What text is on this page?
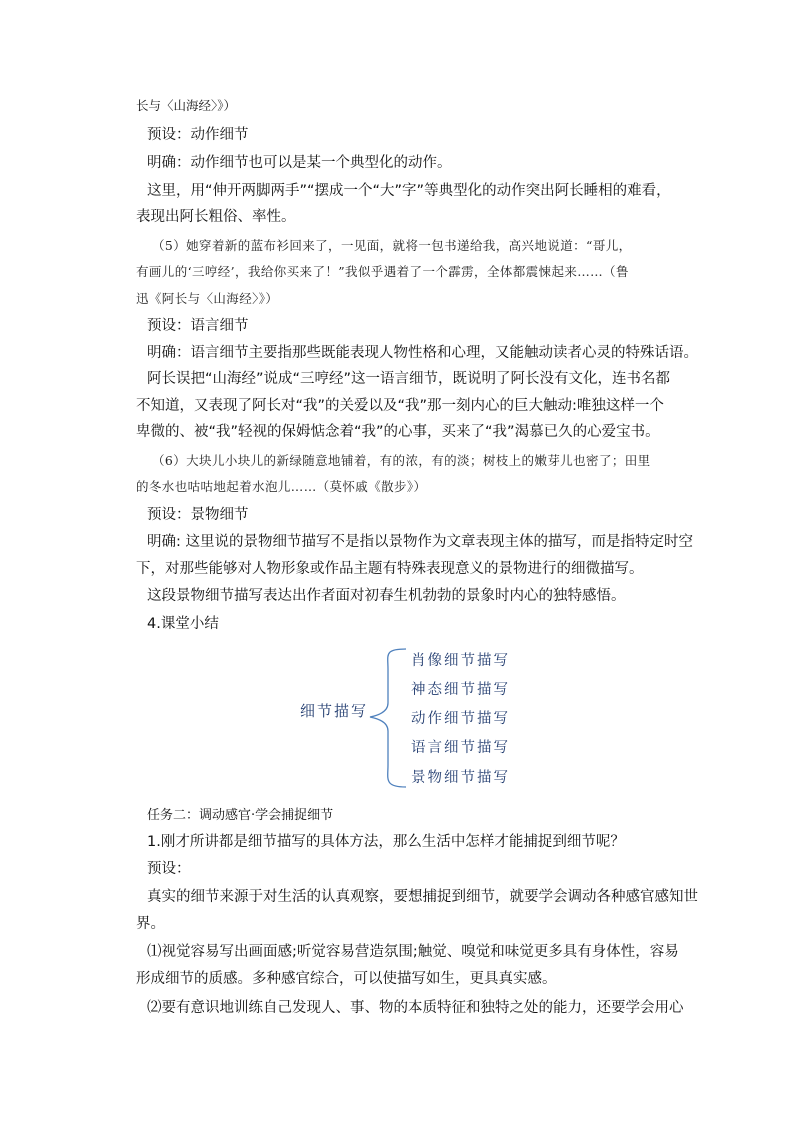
长与〈山海经〉》）
预设：动作细节
明确：动作细节也可以是某一个典型化的动作。
这里，用“伸开两脚两手”“摆成一个“大”字”等典型化的动作突出阿长睡相的难看，
表现出阿长粗俗、率性。
（5）她穿着新的蓝布衫回来了，一见面，就将一包书递给我，高兴地说道：“哥儿，
有画儿的‘三哼经’，我给你买来了！”我似乎遇着了一个霹雳，全体都震悚起来……（鲁
迅《阿长与〈山海经〉》）
预设：语言细节
明确：语言细节主要指那些既能表现人物性格和心理，又能触动读者心灵的特殊话语。
阿长误把“山海经”说成“三哼经”这一语言细节，既说明了阿长没有文化，连书名都
不知道，又表现了阿长对“我”的关爱以及“我”那一刻内心的巨大触动:唯独这样一个
卑微的、被“我”轻视的保姆惦念着“我”的心事，买来了“我”渴慕已久的心爱宝书。
（6）大块儿小块儿的新绿随意地铺着，有的浓，有的淡；树枝上的嫩芽儿也密了；田里
的冬水也咕咕地起着水泡儿……（莫怀戚《散步》）
预设：景物细节
明确: 这里说的景物细节描写不是指以景物作为文章表现主体的描写，而是指特定时空
下，对那些能够对人物形象或作品主题有特殊表现意义的景物进行的细微描写。
这段景物细节描写表达出作者面对初春生机勃勃的景象时内心的独特感悟。
4.课堂小结
细节描写
肖像细节描写
神态细节描写
动作细节描写
语言细节描写
景物细节描写
任务二：调动感官·学会捕捉细节
1.刚才所讲都是细节描写的具体方法，那么生活中怎样才能捕捉到细节呢？
预设：
真实的细节来源于对生活的认真观察，要想捕捉到细节，就要学会调动各种感官感知世
界。
⑴视觉容易写出画面感;听觉容易营造氛围;触觉、嗅觉和味觉更多具有身体性，容易
形成细节的质感。多种感官综合，可以使描写如生，更具真实感。
⑵要有意识地训练自己发现人、事、物的本质特征和独特之处的能力，还要学会用心
